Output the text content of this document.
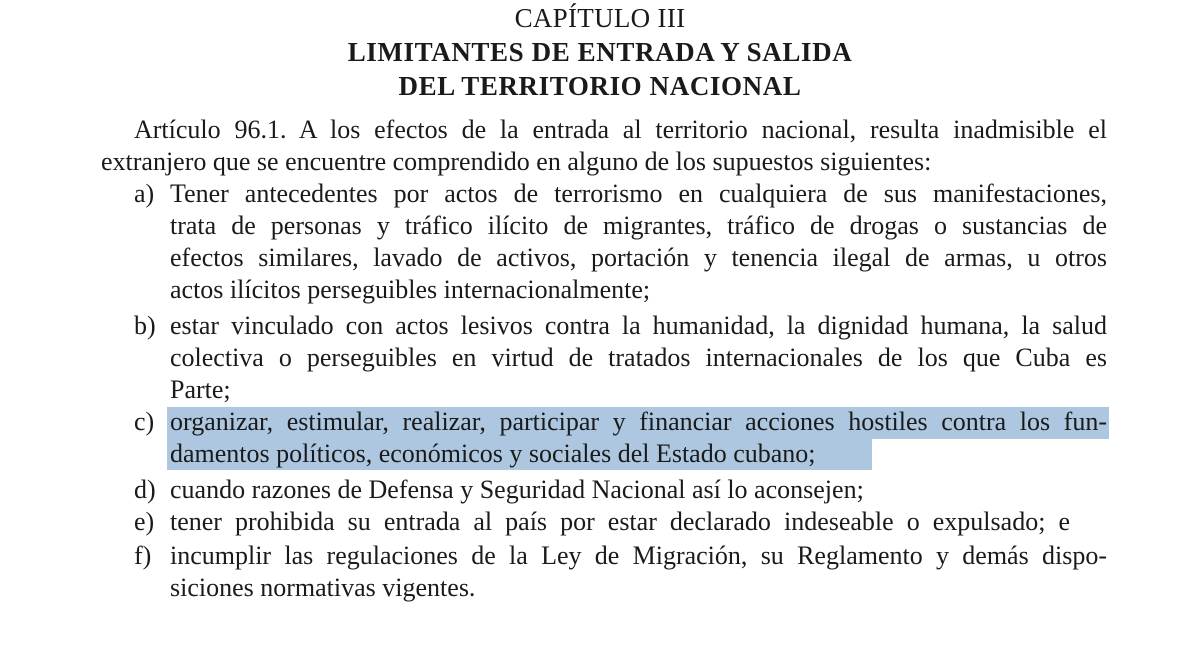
CAPÍTULO III
LIMITANTES DE ENTRADA Y SALIDA
DEL TERRITORIO NACIONAL
Artículo 96.1. A los efectos de la entrada al territorio nacional, resulta inadmisible el
extranjero que se encuentre comprendido en alguno de los supuestos siguientes:
a) Tener antecedentes por actos de terrorismo en cualquiera de sus manifestaciones,
trata de personas y tráfico ilícito de migrantes, tráfico de drogas o sustancias de
efectos similares, lavado de activos, portación y tenencia ilegal de armas, u otros
actos ilícitos perseguibles internacionalmente;
b) estar vinculado con actos lesivos contra la humanidad, la dignidad humana, la salud
colectiva o perseguibles en virtud de tratados internacionales de los que Cuba es
Parte;
c) organizar, estimular, realizar, participar y financiar acciones hostiles contra los fun-
damentos políticos, económicos y sociales del Estado cubano;
d) cuando razones de Defensa y Seguridad Nacional así lo aconsejen;
e) tener prohibida su entrada al país por estar declarado indeseable o expulsado; e
f) incumplir las regulaciones de la Ley de Migración, su Reglamento y demás dispo-
siciones normativas vigentes.
